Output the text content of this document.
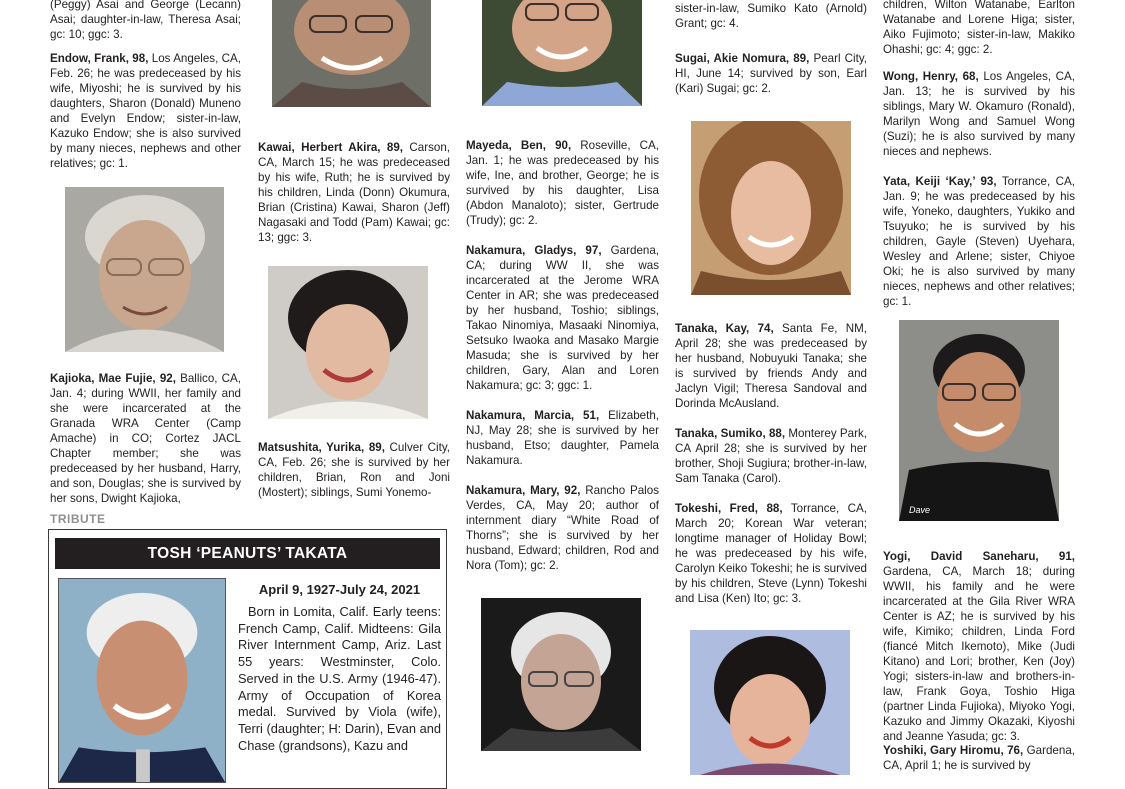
(Peggy) Asai and George (Lecann) Asai; daughter-in-law, Theresa Asai; gc: 10; ggc: 3.

Endow, Frank, 98, Los Angeles, CA, Feb. 26; he was predeceased by his wife, Miyoshi; he is survived by his daughters, Sharon (Donald) Muneno and Evelyn Endow; sister-in-law, Kazuko Endow; she is also survived by many nieces, nephews and other relatives; gc: 1.

Kajioka, Mae Fujie, 92, Ballico, CA, Jan. 4; during WWII, her family and she were incarcerated at the Granada WRA Center (Camp Amache) in CO; Cortez JACL Chapter member; she was predeceased by her husband, Harry, and son, Douglas; she is survived by her sons, Dwight Kajioka,

Kawai, Herbert Akira, 89, Carson, CA, March 15; he was predeceased by his wife, Ruth; he is survived by his children, Linda (Donn) Okumura, Brian (Cristina) Kawai, Sharon (Jeff) Nagasaki and Todd (Pam) Kawai; gc: 13; ggc: 3.

Matsushita, Yurika, 89, Culver City, CA, Feb. 26; she is survived by her children, Brian, Ron and Joni (Mostert); siblings, Sumi Yonemo-

Mayeda, Ben, 90, Roseville, CA, Jan. 1; he was predeceased by his wife, Ine, and brother, George; he is survived by his daughter, Lisa (Abdon Manaloto); sister, Gertrude (Trudy); gc: 2.

Nakamura, Gladys, 97, Gardena, CA; during WW II, she was incarcerated at the Jerome WRA Center in AR; she was predeceased by her husband, Toshio; siblings, Takao Ninomiya, Masaaki Ninomiya, Setsuko Iwaoka and Masako Margie Masuda; she is survived by her children, Gary, Alan and Loren Nakamura; gc: 3; ggc: 1.

Nakamura, Marcia, 51, Elizabeth, NJ, May 28; she is survived by her husband, Etso; daughter, Pamela Nakamura.

Nakamura, Mary, 92, Rancho Palos Verdes, CA, May 20; author of internment diary “White Road of Thorns”; she is survived by her husband, Edward; children, Rod and Nora (Tom); gc: 2.

sister-in-law, Sumiko Kato (Arnold) Grant; gc: 4.

Sugai, Akie Nomura, 89, Pearl City, HI, June 14; survived by son, Earl (Kari) Sugai; gc: 2.

Tanaka, Kay, 74, Santa Fe, NM, April 28; she was predeceased by her husband, Nobuyuki Tanaka; she is survived by friends Andy and Jaclyn Vigil; Theresa Sandoval and Dorinda McAusland.

Tanaka, Sumiko, 88, Monterey Park, CA April 28; she is survived by her brother, Shoji Sugiura; brother-in-law, Sam Tanaka (Carol).

Tokeshi, Fred, 88, Torrance, CA, March 20; Korean War veteran; longtime manager of Holiday Bowl; he was predeceased by his wife, Carolyn Keiko Tokeshi; he is survived by his children, Steve (Lynn) Tokeshi and Lisa (Ken) Ito; gc: 3.

children, Wilton Watanabe, Earlton Watanabe and Lorene Higa; sister, Aiko Fujimoto; sister-in-law, Makiko Ohashi; gc: 4; ggc: 2.

Wong, Henry, 68, Los Angeles, CA, Jan. 13; he is survived by his siblings, Mary W. Okamuro (Ronald), Marilyn Wong and Samuel Wong (Suzi); he is also survived by many nieces and nephews.

Yata, Keiji ‘Kay,’ 93, Torrance, CA, Jan. 9; he was predeceased by his wife, Yoneko, daughters, Yukiko and Tsuyuko; he is survived by his children, Gayle (Steven) Uyehara, Wesley and Arlene; sister, Chiyoe Oki; he is also survived by many nieces, nephews and other relatives; gc: 1.

Dave

Yogi, David Saneharu, 91, Gardena, CA, March 18; during WWII, his family and he were incarcerated at the Gila River WRA Center is AZ; he is survived by his wife, Kimiko; children, Linda Ford (fiancé Mitch Ikemoto), Mike (Judi Kitano) and Lori; brother, Ken (Joy) Yogi; sisters-in-law and brothers-in-law, Frank Goya, Toshio Higa (partner Linda Fujioka), Miyoko Yogi, Kazuko and Jimmy Okazaki, Kiyoshi and Jeanne Yasuda; gc: 3.

Yoshiki, Gary Hiromu, 76, Gardena, CA, April 1; he is survived by

TRIBUTE
TOSH ‘PEANUTS’ TAKATA
April 9, 1927-July 24, 2021

Born in Lomita, Calif. Early teens: French Camp, Calif. Midteens: Gila River Internment Camp, Ariz. Last 55 years: Westminster, Colo. Served in the U.S. Army (1946-47). Army of Occupation of Korea medal. Survived by Viola (wife), Terri (daughter; H: Darin), Evan and Chase (grandsons), Kazu and
